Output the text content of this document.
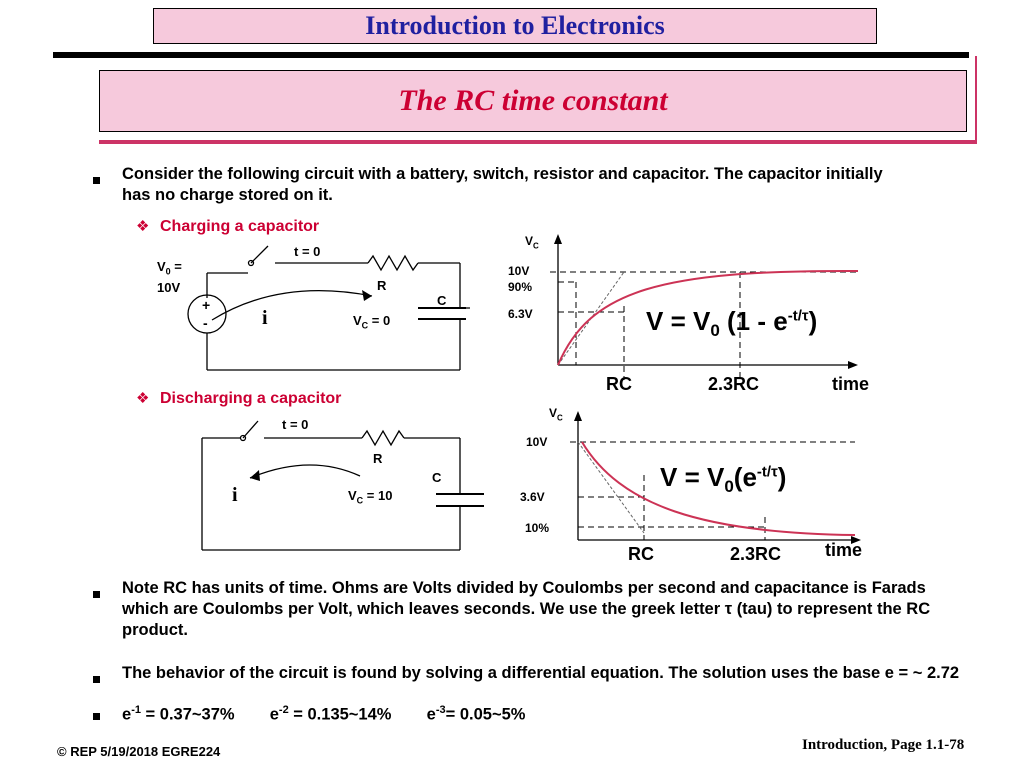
Introduction to Electronics
The RC time constant
Consider the following circuit with a battery, switch, resistor and capacitor. The capacitor initially has no charge stored on it.
❖ Charging a capacitor
$V_0$ =
10V
t = 0
R
C
i	$V_C = 0$
+
-
$V_C$
10V
90%
6.3V
RC	2.3RC	time
$V = V_0$ $(1 - e^{-t/\tau})$
❖ Discharging a capacitor
t = 0
R
C
i	$V_C = 10$
$V_C$
10V
3.6V
10%
RC	2.3RC time
$V = V_0(e^{-t/\tau})$
Note RC has units of time. Ohms are Volts divided by Coulombs per second and capacitance is Farads which are Coulombs per Volt, which leaves seconds. We use the greek letter τ (tau) to represent the RC product.
The behavior of the circuit is found by solving a differential equation. The solution uses the base e = ~ 2.72
$e^{-1}$ = 0.37~37% $e^{-2}$ = 0.135~14% $e^{-3}=$ 0.05~5%
© REP 5/19/2018 EGRE224	Introduction, Page 1.1-78
